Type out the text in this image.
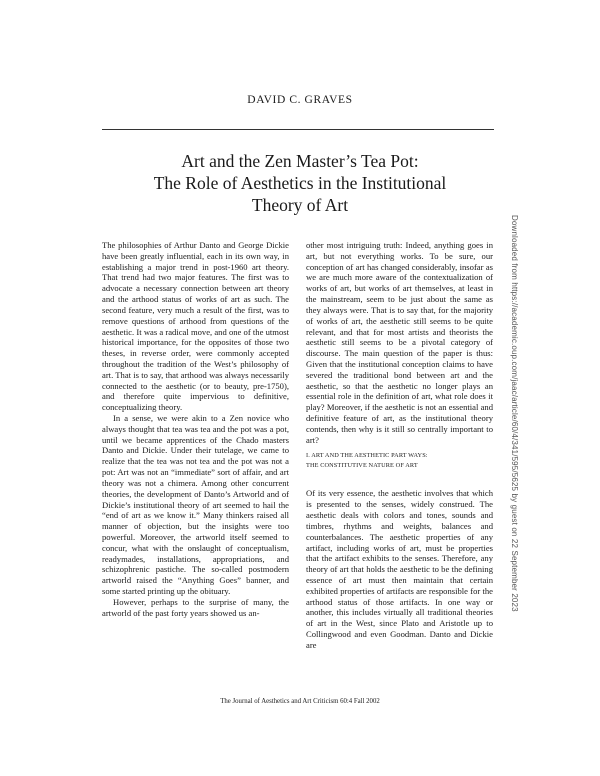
DAVID C. GRAVES
Art and the Zen Master’s Tea Pot:
The Role of Aesthetics in the Institutional
Theory of Art

The philosophies of Arthur Danto and George Dickie have been greatly influential, each in its own way, in establishing a major trend in post-1960 art theory. That trend had two major features. The first was to advocate a necessary connection between art theory and the arthood status of works of art as such. The second feature, very much a result of the first, was to remove questions of arthood from questions of the aesthetic. It was a radical move, and one of the utmost historical importance, for the opposites of those two theses, in reverse order, were commonly accepted throughout the tradition of the West’s philosophy of art. That is to say, that arthood was always necessarily connected to the aesthetic (or to beauty, pre-1750), and therefore quite impervious to definitive, conceptualizing theory.

In a sense, we were akin to a Zen novice who always thought that tea was tea and the pot was a pot, until we became apprentices of the Chado masters Danto and Dickie. Under their tutelage, we came to realize that the tea was not tea and the pot was not a pot: Art was not an “immediate” sort of affair, and art theory was not a chimera. Among other concurrent theories, the development of Danto’s Artworld and of Dickie’s institutional theory of art seemed to hail the “end of art as we know it.” Many thinkers raised all manner of objection, but the insights were too powerful. Moreover, the artworld itself seemed to concur, what with the onslaught of conceptualism, readymades, installations, appropriations, and schizophrenic pastiche. The so-called postmodern artworld raised the “Anything Goes” banner, and some started printing up the obituary.

However, perhaps to the surprise of many, the artworld of the past forty years showed us an-

other most intriguing truth: Indeed, anything goes in art, but not everything works. To be sure, our conception of art has changed considerably, insofar as we are much more aware of the contextualization of works of art, but works of art themselves, at least in the mainstream, seem to be just about the same as they always were. That is to say that, for the majority of works of art, the aesthetic still seems to be quite relevant, and that for most artists and theorists the aesthetic still seems to be a pivotal category of discourse. The main question of the paper is thus: Given that the institutional conception claims to have severed the traditional bond between art and the aesthetic, so that the aesthetic no longer plays an essential role in the definition of art, what role does it play? Moreover, if the aesthetic is not an essential and definitive feature of art, as the institutional theory contends, then why is it still so centrally important to art?

I. ART AND THE AESTHETIC PART WAYS:
THE CONSTITUTIVE NATURE OF ART

Of its very essence, the aesthetic involves that which is presented to the senses, widely construed. The aesthetic deals with colors and tones, sounds and timbres, rhythms and weights, balances and counterbalances. The aesthetic properties of any artifact, including works of art, must be properties that the artifact exhibits to the senses. Therefore, any theory of art that holds the aesthetic to be the defining essence of art must then maintain that certain exhibited properties of artifacts are responsible for the arthood status of those artifacts. In one way or another, this includes virtually all traditional theories of art in the West, since Plato and Aristotle up to Collingwood and even Goodman. Danto and Dickie are

The Journal of Aesthetics and Art Criticism 60:4 Fall 2002
Downloaded from https://academic.oup.com/jaac/article/60/4/341/595/5625 by guest on 22 September 2023
